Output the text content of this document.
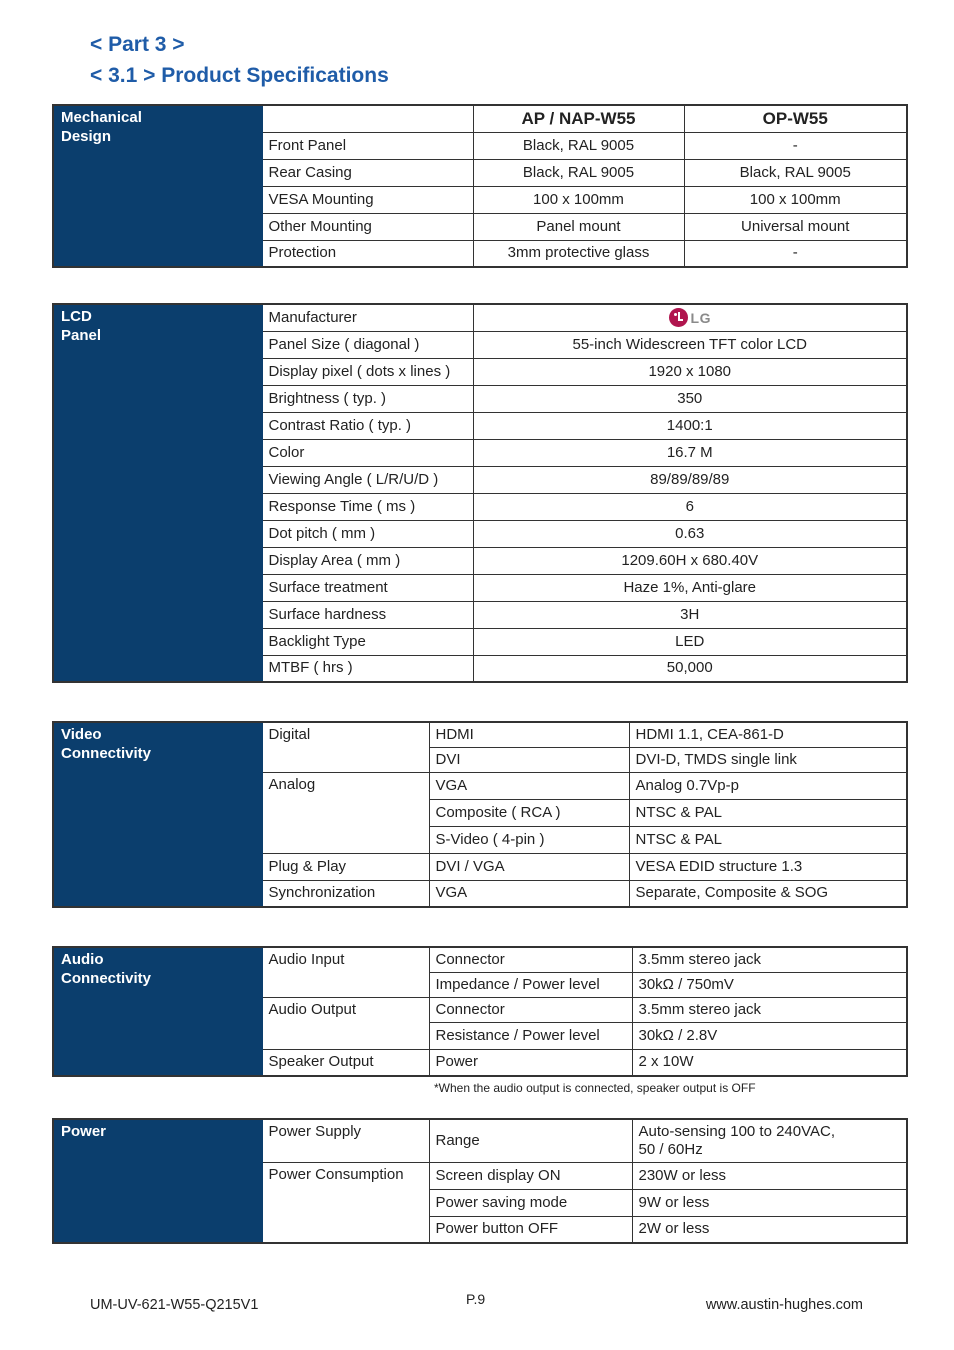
< Part 3 >
< 3.1 > Product Specifications
Mechanical
Design		AP / NAP-W55	OP-W55
	Front Panel	Black, RAL 9005	-
	Rear Casing	Black, RAL 9005	Black, RAL 9005
	VESA Mounting	100 x 100mm	100 x 100mm
	Other Mounting	Panel mount	Universal mount
	Protection	3mm protective glass	-
LCD
Panel	Manufacturer	LG

	Panel Size ( diagonal )	55-inch Widescreen TFT color LCD
	Display pixel ( dots x lines )	1920 x 1080
	Brightness ( typ. )	350
	Contrast Ratio ( typ. )	1400:1
	Color	16.7 M
	Viewing Angle ( L/R/U/D )	89/89/89/89
	Response Time ( ms )	6
	Dot pitch ( mm )	0.63
	Display Area ( mm )	1209.60H x 680.40V
	Surface treatment	Haze 1%, Anti-glare
	Surface hardness	3H
	Backlight Type	LED
	MTBF ( hrs )	50,000
Video
Connectivity	Digital	HDMI	HDMI 1.1, CEA-861-D
		DVI	DVI-D, TMDS single link
	Analog	VGA	Analog 0.7Vp-p
		Composite ( RCA )	NTSC & PAL
		S-Video ( 4-pin )	NTSC & PAL
	Plug & Play	DVI / VGA	VESA EDID structure 1.3
	Synchronization	VGA	Separate, Composite & SOG
Audio
Connectivity	Audio Input	Connector	3.5mm stereo jack
		Impedance / Power level	30kΩ / 750mV
	Audio Output	Connector	3.5mm stereo jack
		Resistance / Power level	30kΩ / 2.8V
	Speaker Output	Power	2 x 10W
*When the audio output is connected, speaker output is OFF
Power	Power Supply	Range	Auto-sensing 100 to 240VAC,
50 / 60Hz

	Power Consumption	Screen display ON	230W or less
		Power saving mode	9W or less
		Power button OFF	2W or less
UM-UV-621-W55-Q215V1	P.9	www.austin-hughes.com
